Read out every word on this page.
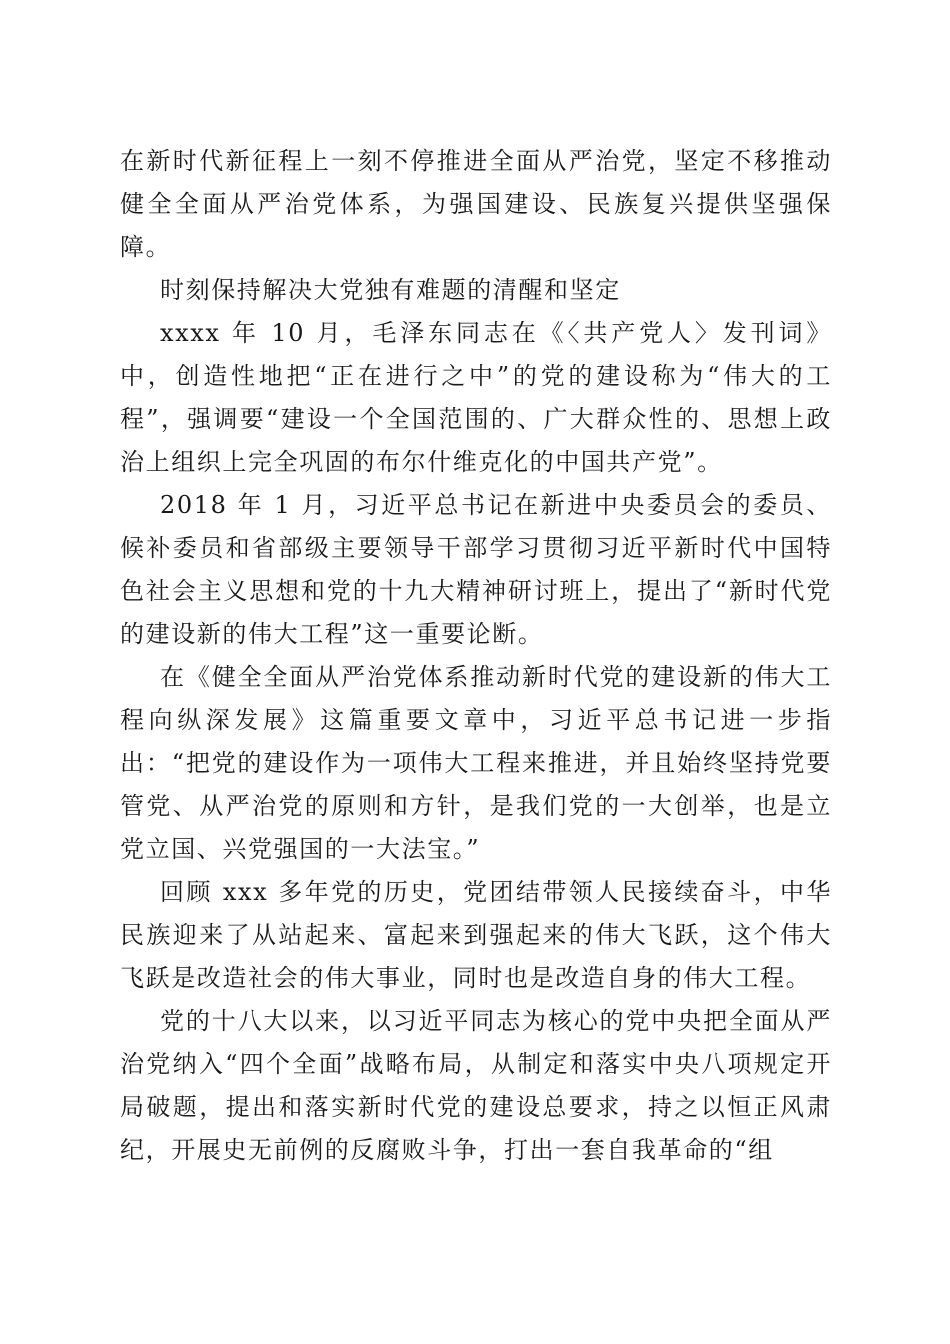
在新时代新征程上一刻不停推进全面从严治党，坚定不移推动健全全面从严治党体系，为强国建设、民族复兴提供坚强保障。

时刻保持解决大党独有难题的清醒和坚定

xxxx 年 10 月，毛泽东同志在《〈共产党人〉发刊词》中，创造性地把“正在进行之中”的党的建设称为“伟大的工程”，强调要“建设一个全国范围的、广大群众性的、思想上政治上组织上完全巩固的布尔什维克化的中国共产党”。

2018 年 1 月，习近平总书记在新进中央委员会的委员、候补委员和省部级主要领导干部学习贯彻习近平新时代中国特色社会主义思想和党的十九大精神研讨班上，提出了“新时代党的建设新的伟大工程”这一重要论断。

在《健全全面从严治党体系推动新时代党的建设新的伟大工程向纵深发展》这篇重要文章中，习近平总书记进一步指出：“把党的建设作为一项伟大工程来推进，并且始终坚持党要管党、从严治党的原则和方针，是我们党的一大创举，也是立党立国、兴党强国的一大法宝。”

回顾 xxx 多年党的历史，党团结带领人民接续奋斗，中华民族迎来了从站起来、富起来到强起来的伟大飞跃，这个伟大飞跃是改造社会的伟大事业，同时也是改造自身的伟大工程。

党的十八大以来，以习近平同志为核心的党中央把全面从严治党纳入“四个全面”战略布局，从制定和落实中央八项规定开局破题，提出和落实新时代党的建设总要求，持之以恒正风肃纪，开展史无前例的反腐败斗争，打出一套自我革命的“组
